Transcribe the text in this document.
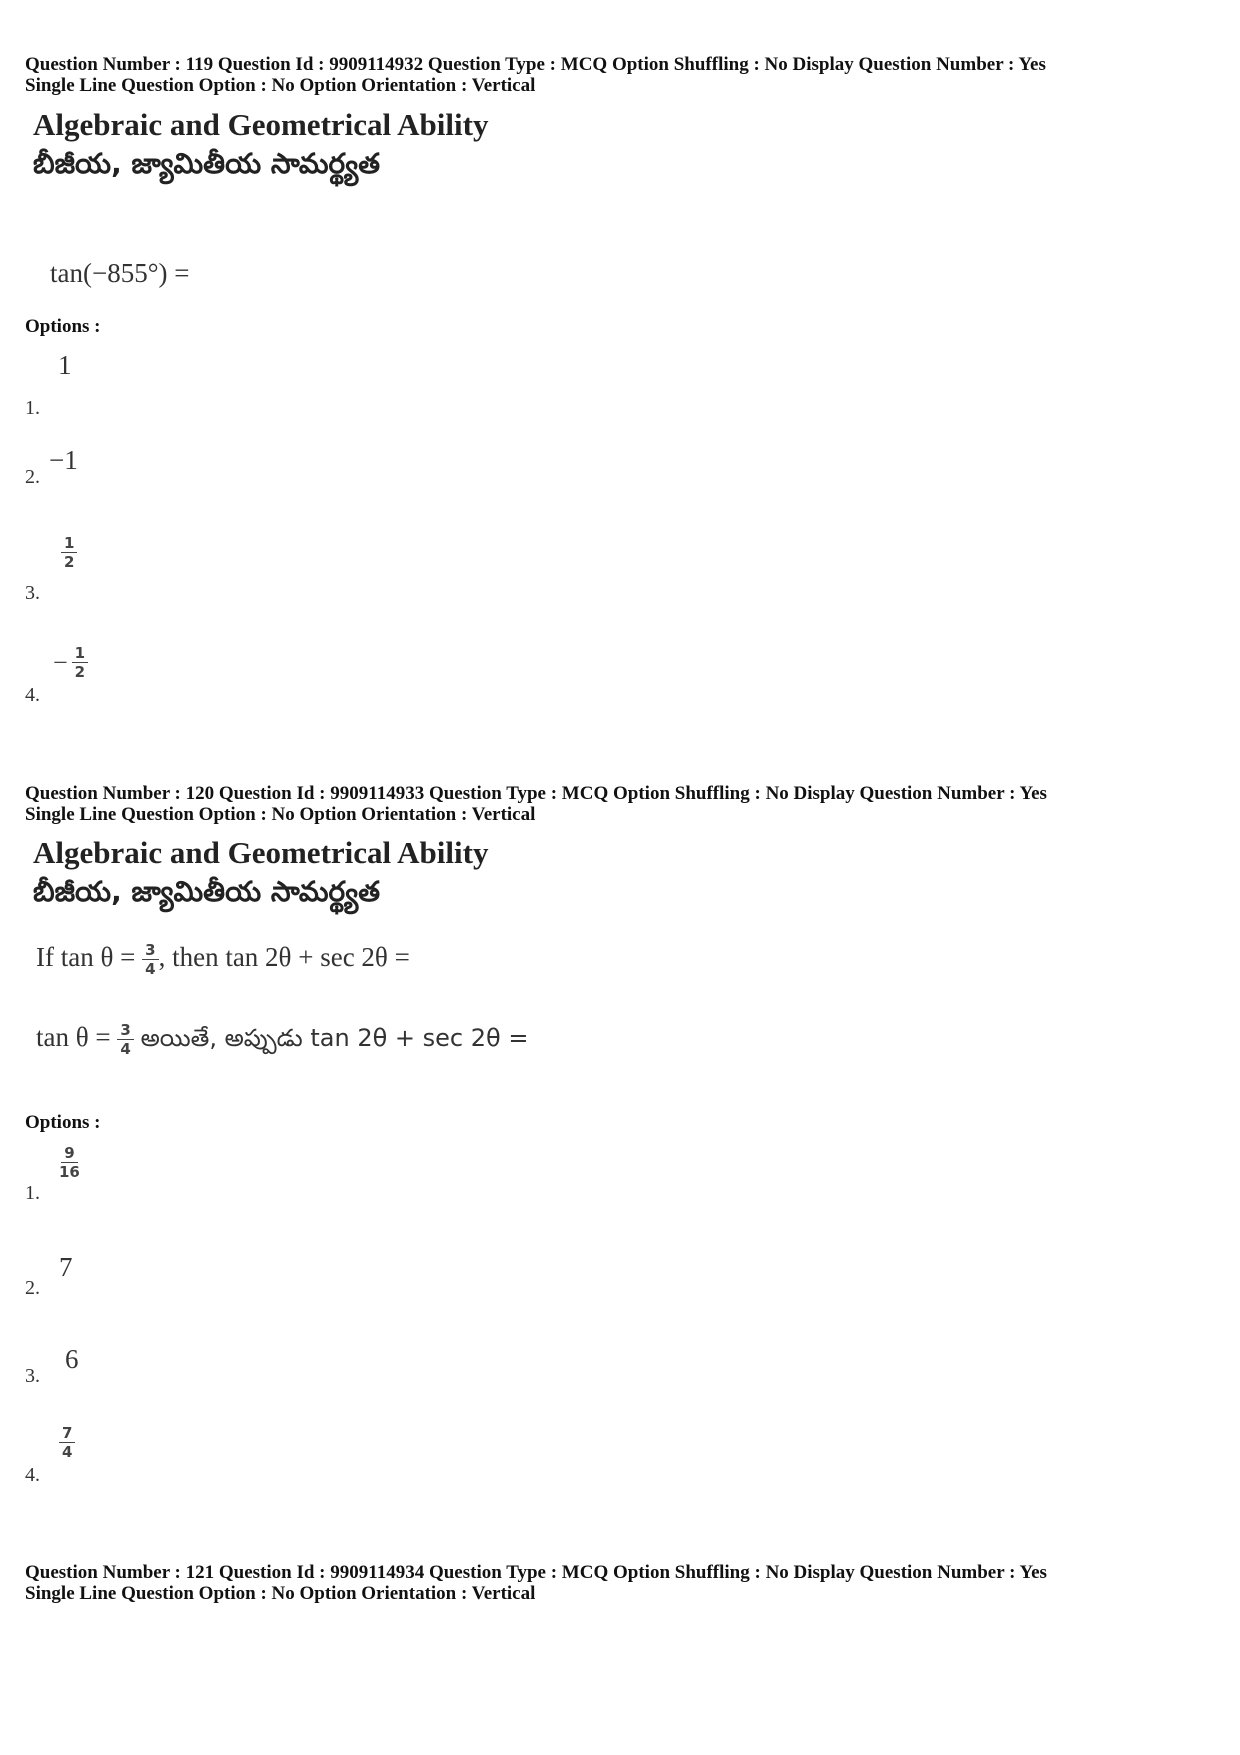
Question Number : 119 Question Id : 9909114932 Question Type : MCQ Option Shuffling : No Display Question Number : Yes
Single Line Question Option : No Option Orientation : Vertical
Algebraic and Geometrical Ability
బీజీయ, జ్యామితీయ సామర్థ్యత
tan(−855°) =
Options :
1.
1
2.
−1
3.
$\frac{1}{2}$
4.
− $\frac{1}{2}$
Question Number : 120 Question Id : 9909114933 Question Type : MCQ Option Shuffling : No Display Question Number : Yes
Single Line Question Option : No Option Orientation : Vertical
Algebraic and Geometrical Ability
బీజీయ, జ్యామితీయ సామర్థ్యత
If $\tan \theta = \frac{3}{4}$ , then tan 2θ + sec 2θ =
$\tan \theta = \frac{3}{4}$ అయితే, అప్పుడు tan 2θ + sec 2θ =
Options :
1.
$\frac{9}{16}$
2.
7
3.
6
4.
$\frac{7}{4}$
Question Number : 121 Question Id : 9909114934 Question Type : MCQ Option Shuffling : No Display Question Number : Yes
Single Line Question Option : No Option Orientation : Vertical
